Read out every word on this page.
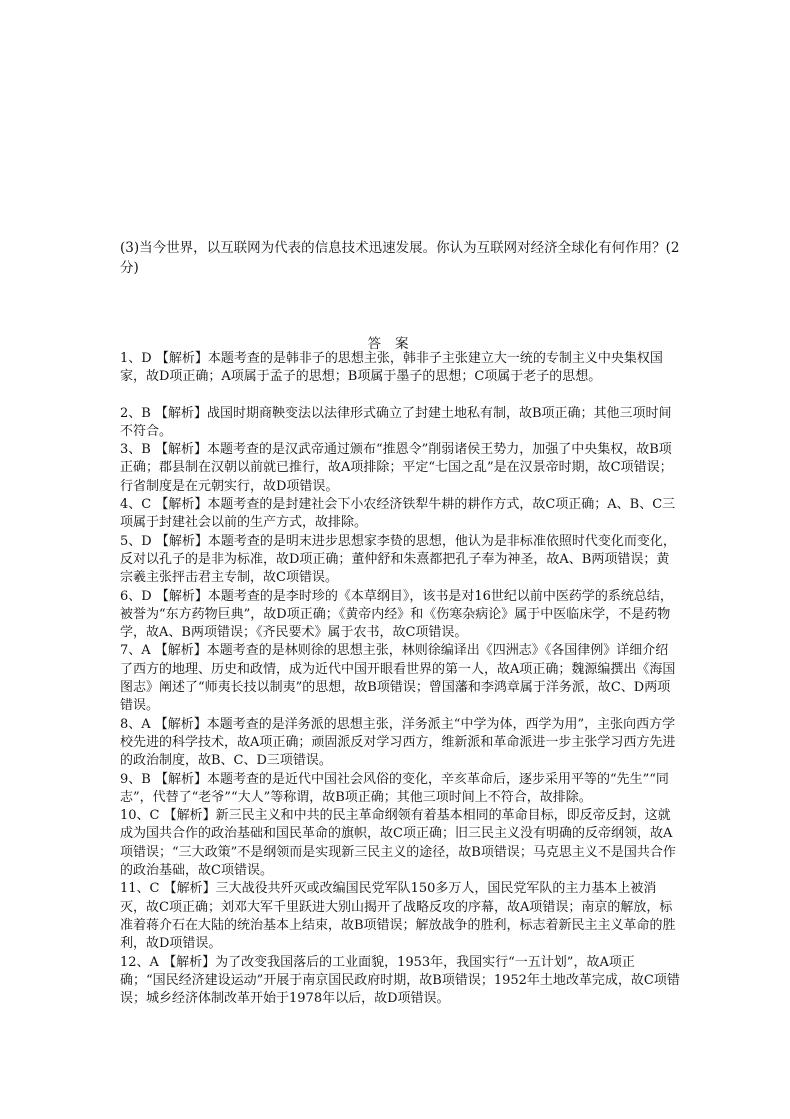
(3)当今世界，以互联网为代表的信息技术迅速发展。你认为互联网对经济全球化有何作用？(2分)

答案

1、D 【解析】本题考查的是韩非子的思想主张，韩非子主张建立大一统的专制主义中央集权国家，故D项正确；A项属于孟子的思想；B项属于墨子的思想；C项属于老子的思想。

2、B 【解析】战国时期商鞅变法以法律形式确立了封建土地私有制，故B项正确；其他三项时间不符合。

3、B 【解析】本题考查的是汉武帝通过颁布“推恩令”削弱诸侯王势力，加强了中央集权，故B项正确；郡县制在汉朝以前就已推行，故A项排除；平定“七国之乱”是在汉景帝时期，故C项错误；行省制度是在元朝实行，故D项错误。

4、C 【解析】本题考查的是封建社会下小农经济铁犁牛耕的耕作方式，故C项正确；A、B、C三项属于封建社会以前的生产方式，故排除。

5、D 【解析】本题考查的是明末进步思想家李贽的思想，他认为是非标准依照时代变化而变化，反对以孔子的是非为标准，故D项正确；董仲舒和朱熹都把孔子奉为神圣，故A、B两项错误；黄宗羲主张抨击君主专制，故C项错误。

6、D 【解析】本题考查的是李时珍的《本草纲目》，该书是对16世纪以前中医药学的系统总结，被誉为“东方药物巨典”，故D项正确；《黄帝内经》和《伤寒杂病论》属于中医临床学，不是药物学，故A、B两项错误；《齐民要术》属于农书，故C项错误。

7、A 【解析】本题考查的是林则徐的思想主张，林则徐编译出《四洲志》《各国律例》详细介绍了西方的地理、历史和政情，成为近代中国开眼看世界的第一人，故A项正确；魏源编撰出《海国图志》阐述了“师夷长技以制夷”的思想，故B项错误；曾国藩和李鸿章属于洋务派，故C、D两项错误。

8、A 【解析】本题考查的是洋务派的思想主张，洋务派主“中学为体，西学为用”，主张向西方学校先进的科学技术，故A项正确；顽固派反对学习西方，维新派和革命派进一步主张学习西方先进的政治制度，故B、C、D三项错误。

9、B 【解析】本题考查的是近代中国社会风俗的变化，辛亥革命后，逐步采用平等的“先生”“同志”，代替了“老爷”“大人”等称谓，故B项正确；其他三项时间上不符合，故排除。

10、C 【解析】新三民主义和中共的民主革命纲领有着基本相同的革命目标，即反帝反封，这就成为国共合作的政治基础和国民革命的旗帜，故C项正确；旧三民主义没有明确的反帝纲领，故A项错误；“三大政策”不是纲领而是实现新三民主义的途径，故B项错误；马克思主义不是国共合作的政治基础，故C项错误。

11、C 【解析】三大战役共歼灭或改编国民党军队150多万人，国民党军队的主力基本上被消灭，故C项正确；刘邓大军千里跃进大别山揭开了战略反攻的序幕，故A项错误；南京的解放，标准着蒋介石在大陆的统治基本上结束，故B项错误；解放战争的胜利，标志着新民主主义革命的胜利，故D项错误。

12、A 【解析】为了改变我国落后的工业面貌，1953年，我国实行“一五计划”，故A项正确；“国民经济建设运动”开展于南京国民政府时期，故B项错误；1952年土地改革完成，故C项错误；城乡经济体制改革开始于1978年以后，故D项错误。
